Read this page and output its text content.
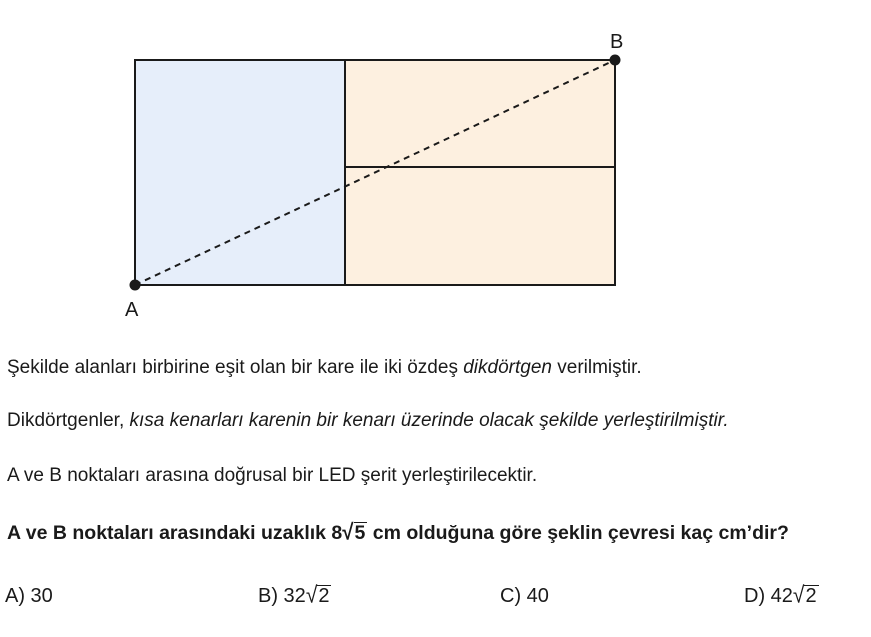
A
B
Şekilde alanları birbirine eşit olan bir kare ile iki özdeş dikdörtgen verilmiştir.
Dikdörtgenler, kısa kenarları karenin bir kenarı üzerinde olacak şekilde yerleştirilmiştir.
A ve B noktaları arasına doğrusal bir LED şerit yerleştirilecektir.
A ve B noktaları arasındaki uzaklık 8√5 cm olduğuna göre şeklin çevresi kaç cm’dir?
A) 30	B) 32√2	C) 40	D) 42√2
